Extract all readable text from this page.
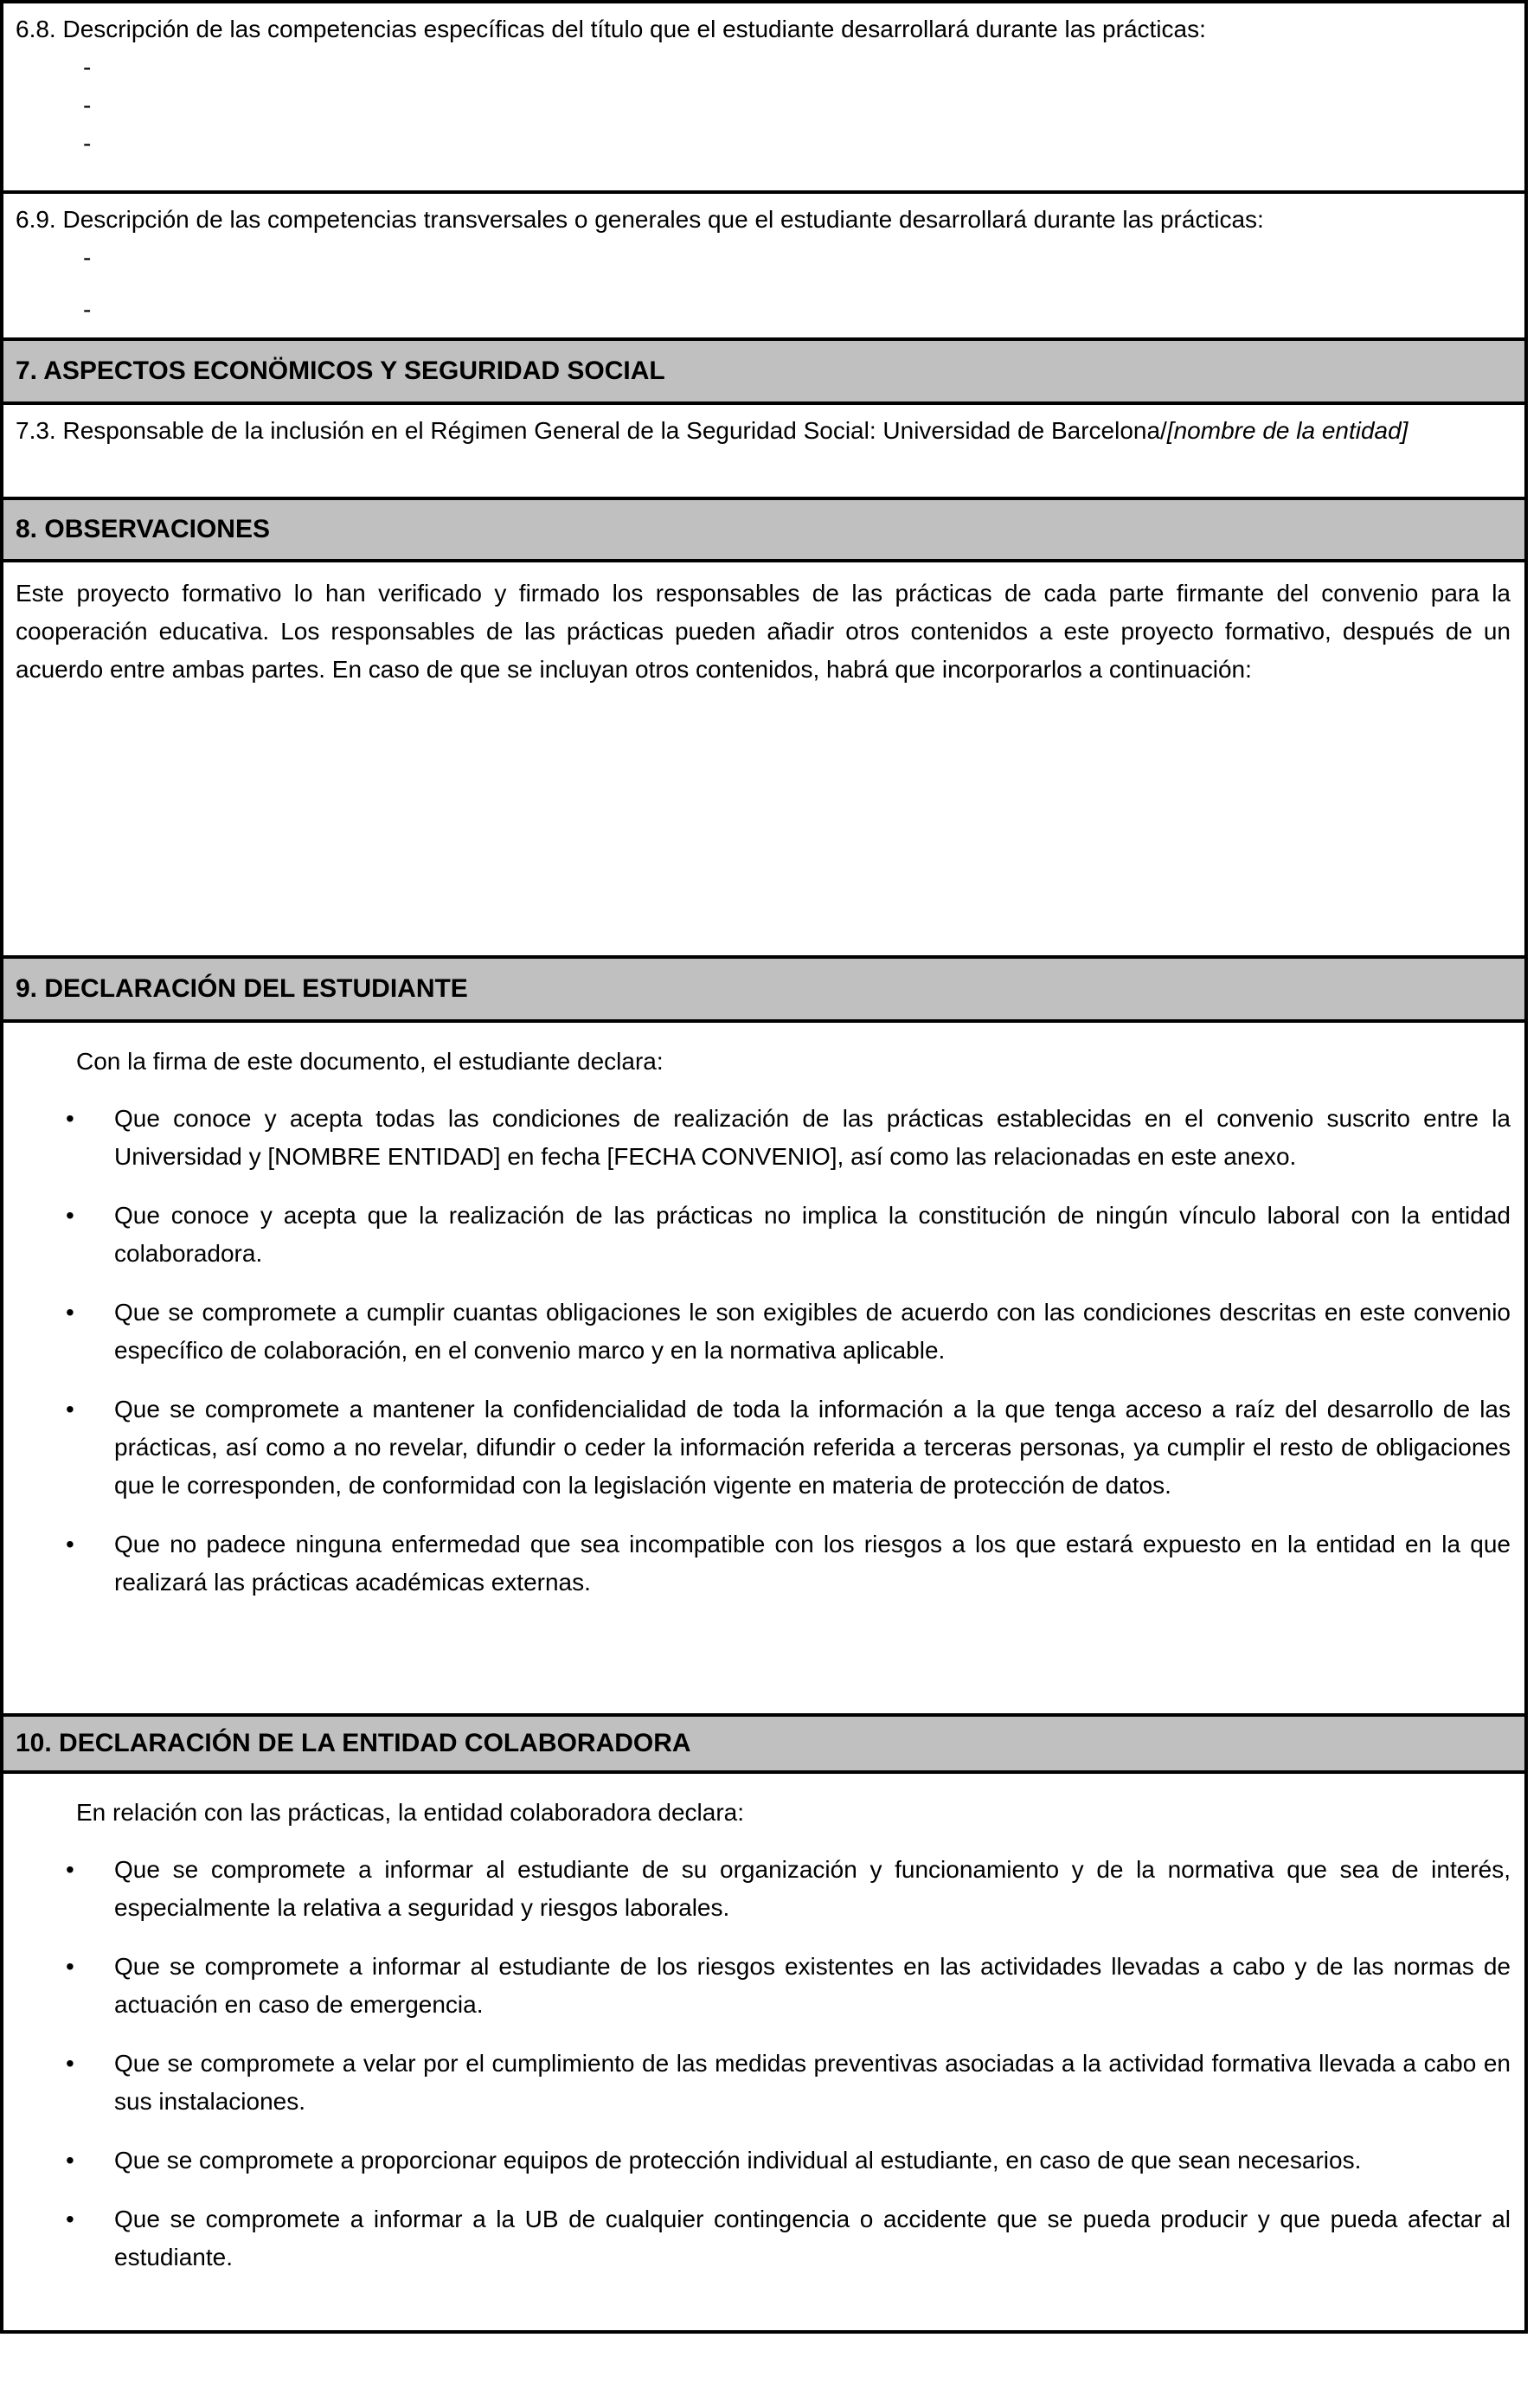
6.8. Descripción de las competencias específicas del título que el estudiante desarrollará durante las prácticas:

-
-
-

6.9. Descripción de las competencias transversales o generales que el estudiante desarrollará durante las prácticas:

-
-
7. ASPECTOS ECONÖMICOS Y SEGURIDAD SOCIAL

7.3. Responsable de la inclusión en el Régimen General de la Seguridad Social: Universidad de Barcelona/[nombre de la entidad]

8. OBSERVACIONES

Este proyecto formativo lo han verificado y firmado los responsables de las prácticas de cada parte firmante del convenio para la cooperación educativa. Los responsables de las prácticas pueden añadir otros contenidos a este proyecto formativo, después de un acuerdo entre ambas partes. En caso de que se incluyan otros contenidos, habrá que incorporarlos a continuación:

9. DECLARACIÓN DEL ESTUDIANTE

Con la firma de este documento, el estudiante declara:

• Que conoce y acepta todas las condiciones de realización de las prácticas establecidas en el convenio suscrito entre la Universidad y [NOMBRE ENTIDAD] en fecha [FECHA CONVENIO], así como las relacionadas en este anexo.
• Que conoce y acepta que la realización de las prácticas no implica la constitución de ningún vínculo laboral con la entidad colaboradora.
• Que se compromete a cumplir cuantas obligaciones le son exigibles de acuerdo con las condiciones descritas en este convenio específico de colaboración, en el convenio marco y en la normativa aplicable.
• Que se compromete a mantener la confidencialidad de toda la información a la que tenga acceso a raíz del desarrollo de las prácticas, así como a no revelar, difundir o ceder la información referida a terceras personas, ya cumplir el resto de obligaciones que le corresponden, de conformidad con la legislación vigente en materia de protección de datos.
• Que no padece ninguna enfermedad que sea incompatible con los riesgos a los que estará expuesto en la entidad en la que realizará las prácticas académicas externas.
10. DECLARACIÓN DE LA ENTIDAD COLABORADORA

En relación con las prácticas, la entidad colaboradora declara:

• Que se compromete a informar al estudiante de su organización y funcionamiento y de la normativa que sea de interés, especialmente la relativa a seguridad y riesgos laborales.
• Que se compromete a informar al estudiante de los riesgos existentes en las actividades llevadas a cabo y de las normas de actuación en caso de emergencia.
• Que se compromete a velar por el cumplimiento de las medidas preventivas asociadas a la actividad formativa llevada a cabo en sus instalaciones.
• Que se compromete a proporcionar equipos de protección individual al estudiante, en caso de que sean necesarios.
• Que se compromete a informar a la UB de cualquier contingencia o accidente que se pueda producir y que pueda afectar al estudiante.
